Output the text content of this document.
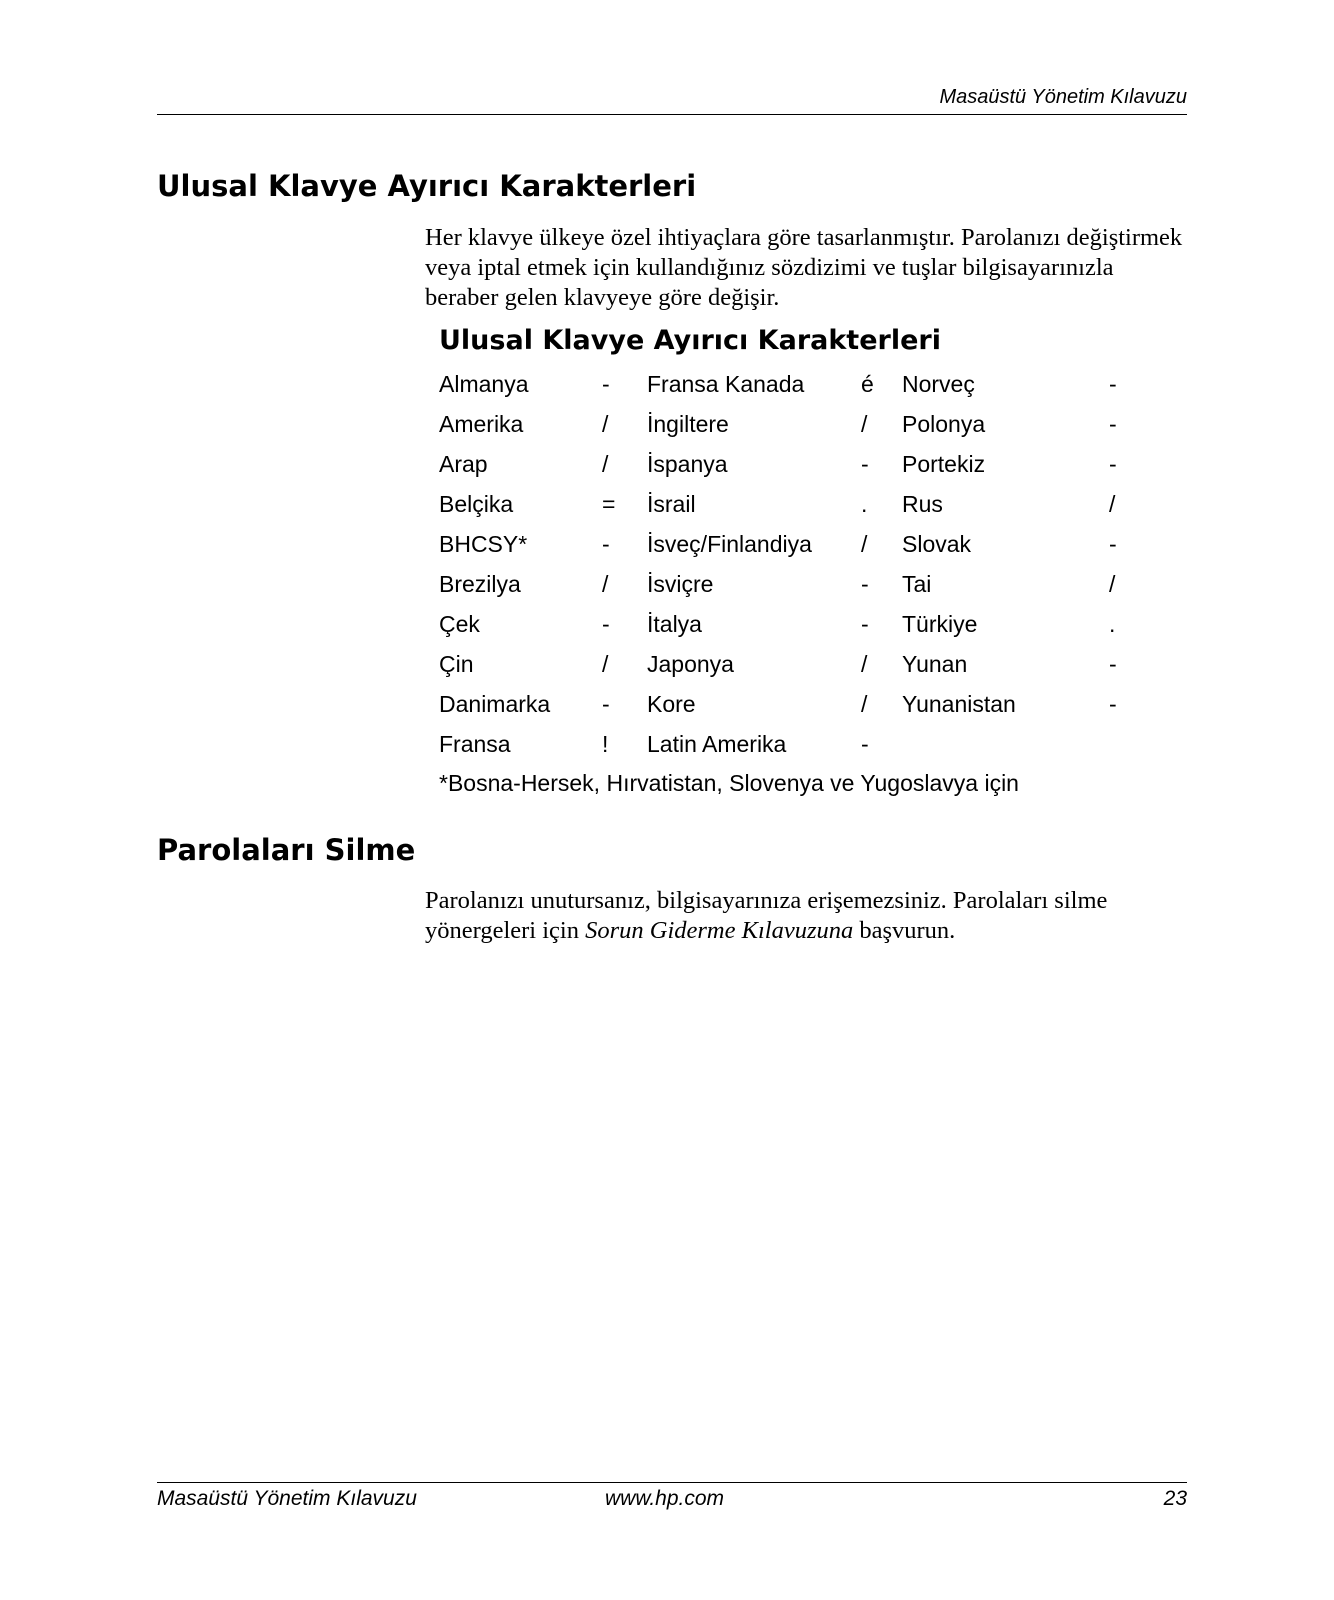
Masaüstü Yönetim Kılavuzu
Ulusal Klavye Ayırıcı Karakterleri

Her klavye ülkeye özel ihtiyaçlara göre tasarlanmıştır. Parolanızı değiştirmek veya iptal etmek için kullandığınız sözdizimi ve tuşlar bilgisayarınızla beraber gelen klavyeye göre değişir.

Ulusal Klavye Ayırıcı Karakterleri
Almanya	- Fransa Kanada é Norveç	-
Amerika	/ İngiltere	/ Polonya	-
Arap	/ İspanya	- Portekiz	-
Belçika	= İsrail	. Rus	/
BHCSY*	- İsveç/Finlandiya / Slovak	-
Brezilya	/ İsviçre	- Tai	/
Çek	- İtalya	- Türkiye	.
Çin	/ Japonya	/ Yunan	-
Danimarka - Kore	/ Yunanistan	-
Fransa	! Latin Amerika	-
*Bosna-Hersek, Hırvatistan, Slovenya ve Yugoslavya için
Parolaları Silme

Parolanızı unutursanız, bilgisayarınıza erişemezsiniz. Parolaları silme yönergeleri için Sorun Giderme Kılavuzuna başvurun.

Masaüstü Yönetim Kılavuzu	www.hp.com	23
